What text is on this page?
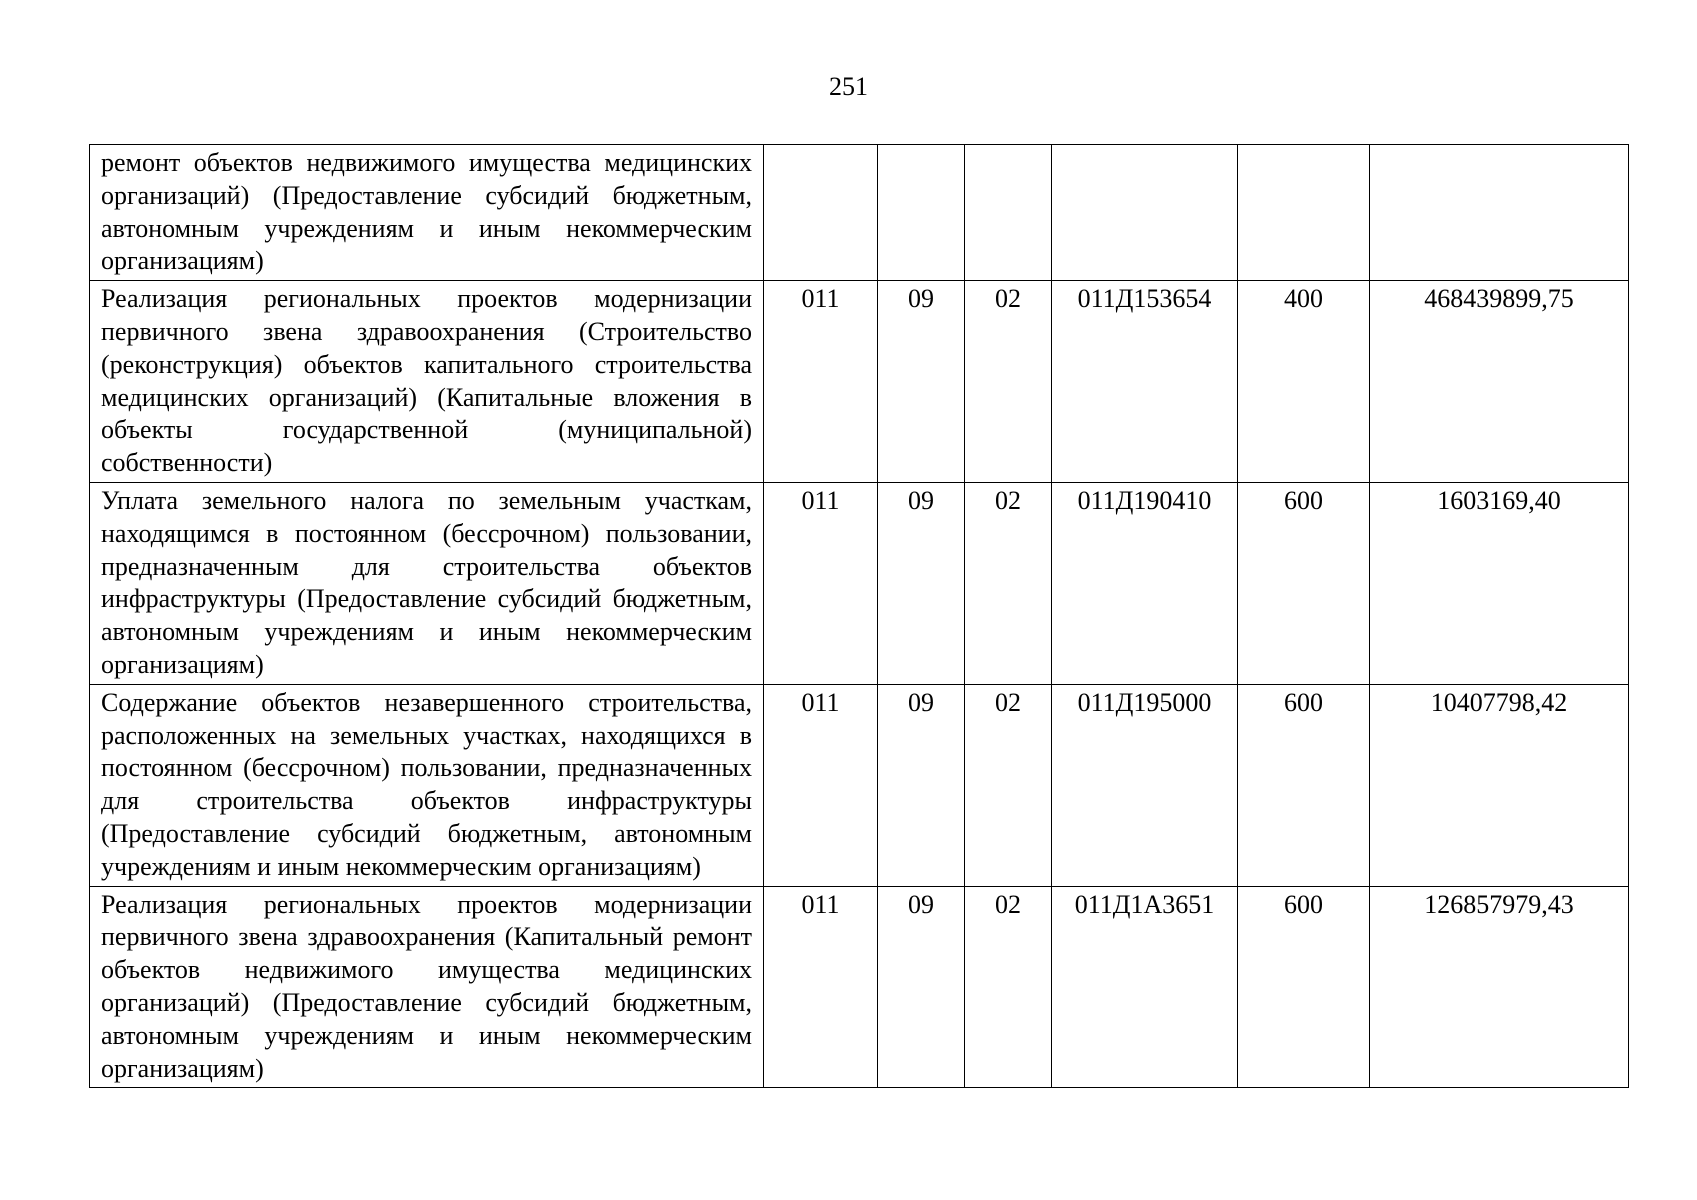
251
ремонт объектов недвижимого имущества медицинских организаций) (Предоставление субсидий бюджетным, автономным учреждениям и иным некоммерческим организациям)						
Реализация региональных проектов модернизации первичного звена здравоохранения (Строительство (реконструкция) объектов капитального строительства медицинских организаций) (Капитальные вложения в объекты государственной (муниципальной) собственности)	011	09	02	011Д153654	400	468439899,75
Уплата земельного налога по земельным участкам, находящимся в постоянном (бессрочном) пользовании, предназначенным для строительства объектов инфраструктуры (Предоставление субсидий бюджетным, автономным учреждениям и иным некоммерческим организациям)	011	09	02	011Д190410	600	1603169,40
Содержание объектов незавершенного строительства, расположенных на земельных участках, находящихся в постоянном (бессрочном) пользовании, предназначенных для строительства объектов инфраструктуры (Предоставление субсидий бюджетным, автономным учреждениям и иным некоммерческим организациям)	011	09	02	011Д195000	600	10407798,42
Реализация региональных проектов модернизации первичного звена здравоохранения (Капитальный ремонт объектов недвижимого имущества медицинских организаций) (Предоставление субсидий бюджетным, автономным учреждениям и иным некоммерческим организациям)	011	09	02	011Д1А3651	600	126857979,43
